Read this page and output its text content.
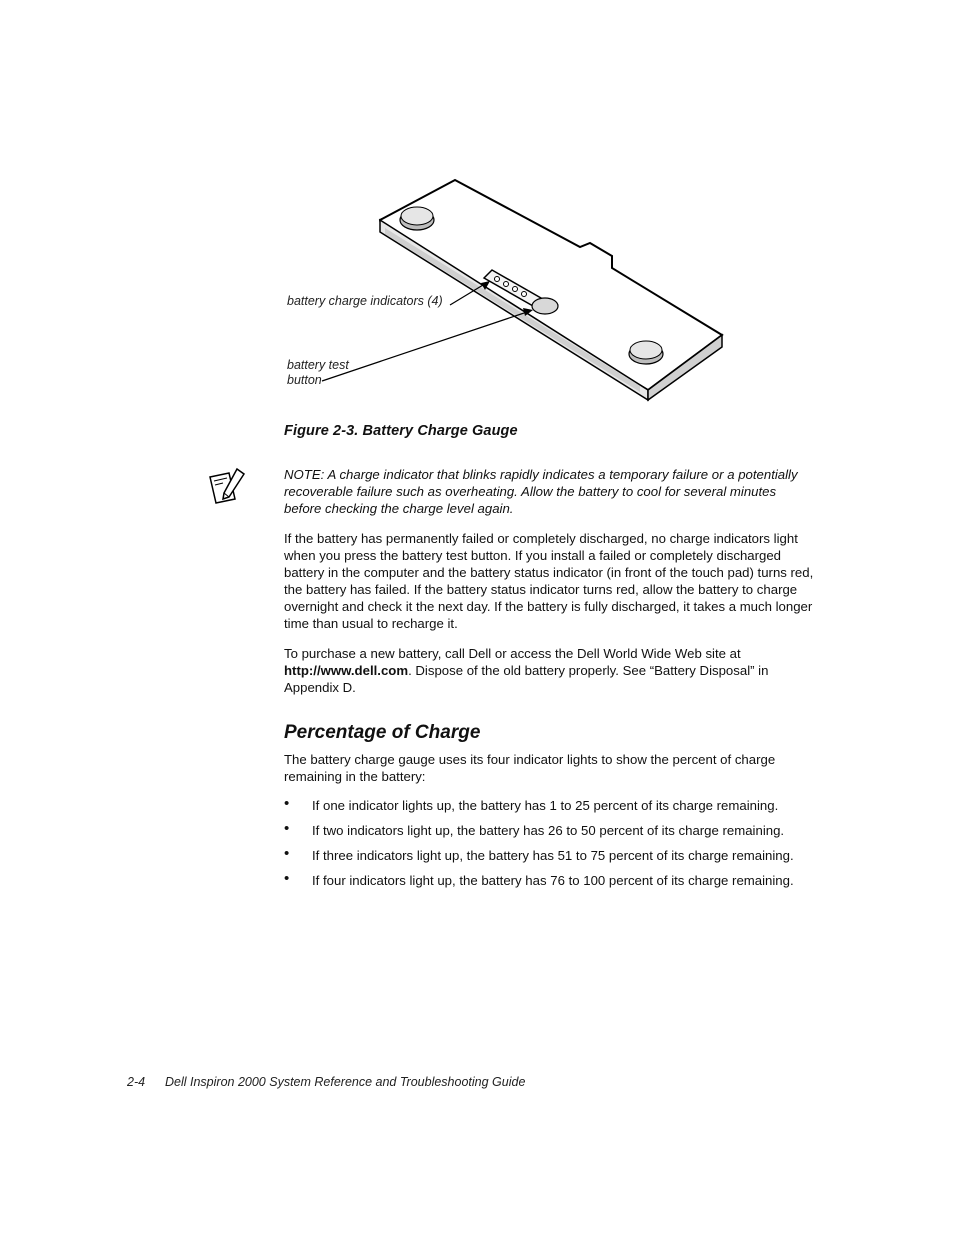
battery charge indicators (4)
battery test button
Figure 2-3. Battery Charge Gauge
NOTE: A charge indicator that blinks rapidly indicates a temporary failure or a potentially recoverable failure such as overheating. Allow the battery to cool for several minutes before checking the charge level again.

If the battery has permanently failed or completely discharged, no charge indicators light when you press the battery test button. If you install a failed or completely discharged battery in the computer and the battery status indicator (in front of the touch pad) turns red, the battery has failed. If the battery status indicator turns red, allow the battery to charge overnight and check it the next day. If the battery is fully discharged, it takes a much longer time than usual to recharge it.

To purchase a new battery, call Dell or access the Dell World Wide Web site at http://www.dell.com. Dispose of the old battery properly. See “Battery Disposal” in Appendix D.

Percentage of Charge

The battery charge gauge uses its four indicator lights to show the percent of charge remaining in the battery:

• If one indicator lights up, the battery has 1 to 25 percent of its charge remaining.
• If two indicators light up, the battery has 26 to 50 percent of its charge remaining.
• If three indicators light up, the battery has 51 to 75 percent of its charge remaining.
• If four indicators light up, the battery has 76 to 100 percent of its charge remaining.
2-4 Dell Inspiron 2000 System Reference and Troubleshooting Guide
